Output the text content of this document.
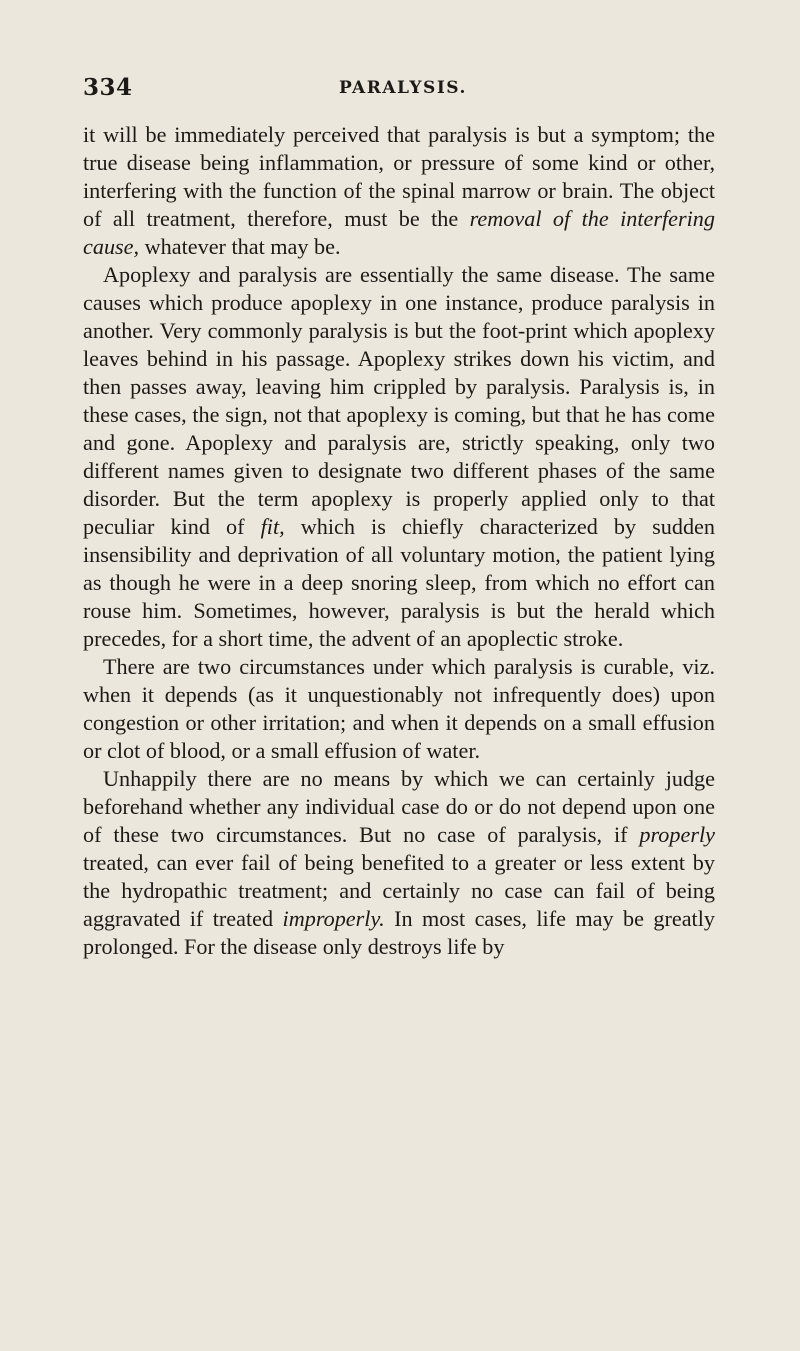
334	PARALYSIS.

it will be immediately perceived that paralysis is but a symptom; the true disease being inflammation, or pressure of some kind or other, interfering with the function of the spinal marrow or brain. The object of all treatment, therefore, must be the removal of the interfering cause, whatever that may be.

Apoplexy and paralysis are essentially the same disease. The same causes which produce apoplexy in one instance, produce paralysis in another. Very commonly paralysis is but the foot-print which apoplexy leaves behind in his passage. Apoplexy strikes down his victim, and then passes away, leaving him crippled by paralysis. Paralysis is, in these cases, the sign, not that apoplexy is coming, but that he has come and gone. Apoplexy and paralysis are, strictly speaking, only two different names given to designate two different phases of the same disorder. But the term apoplexy is properly applied only to that peculiar kind of fit, which is chiefly characterized by sudden insensibility and deprivation of all voluntary motion, the patient lying as though he were in a deep snoring sleep, from which no effort can rouse him. Sometimes, however, paralysis is but the herald which precedes, for a short time, the advent of an apoplectic stroke.

There are two circumstances under which paralysis is curable, viz. when it depends (as it unquestionably not infrequently does) upon congestion or other irritation; and when it depends on a small effusion or clot of blood, or a small effusion of water.

Unhappily there are no means by which we can certainly judge beforehand whether any individual case do or do not depend upon one of these two circumstances. But no case of paralysis, if properly treated, can ever fail of being benefited to a greater or less extent by the hydropathic treatment; and certainly no case can fail of being aggravated if treated improperly. In most cases, life may be greatly prolonged. For the disease only destroys life by
